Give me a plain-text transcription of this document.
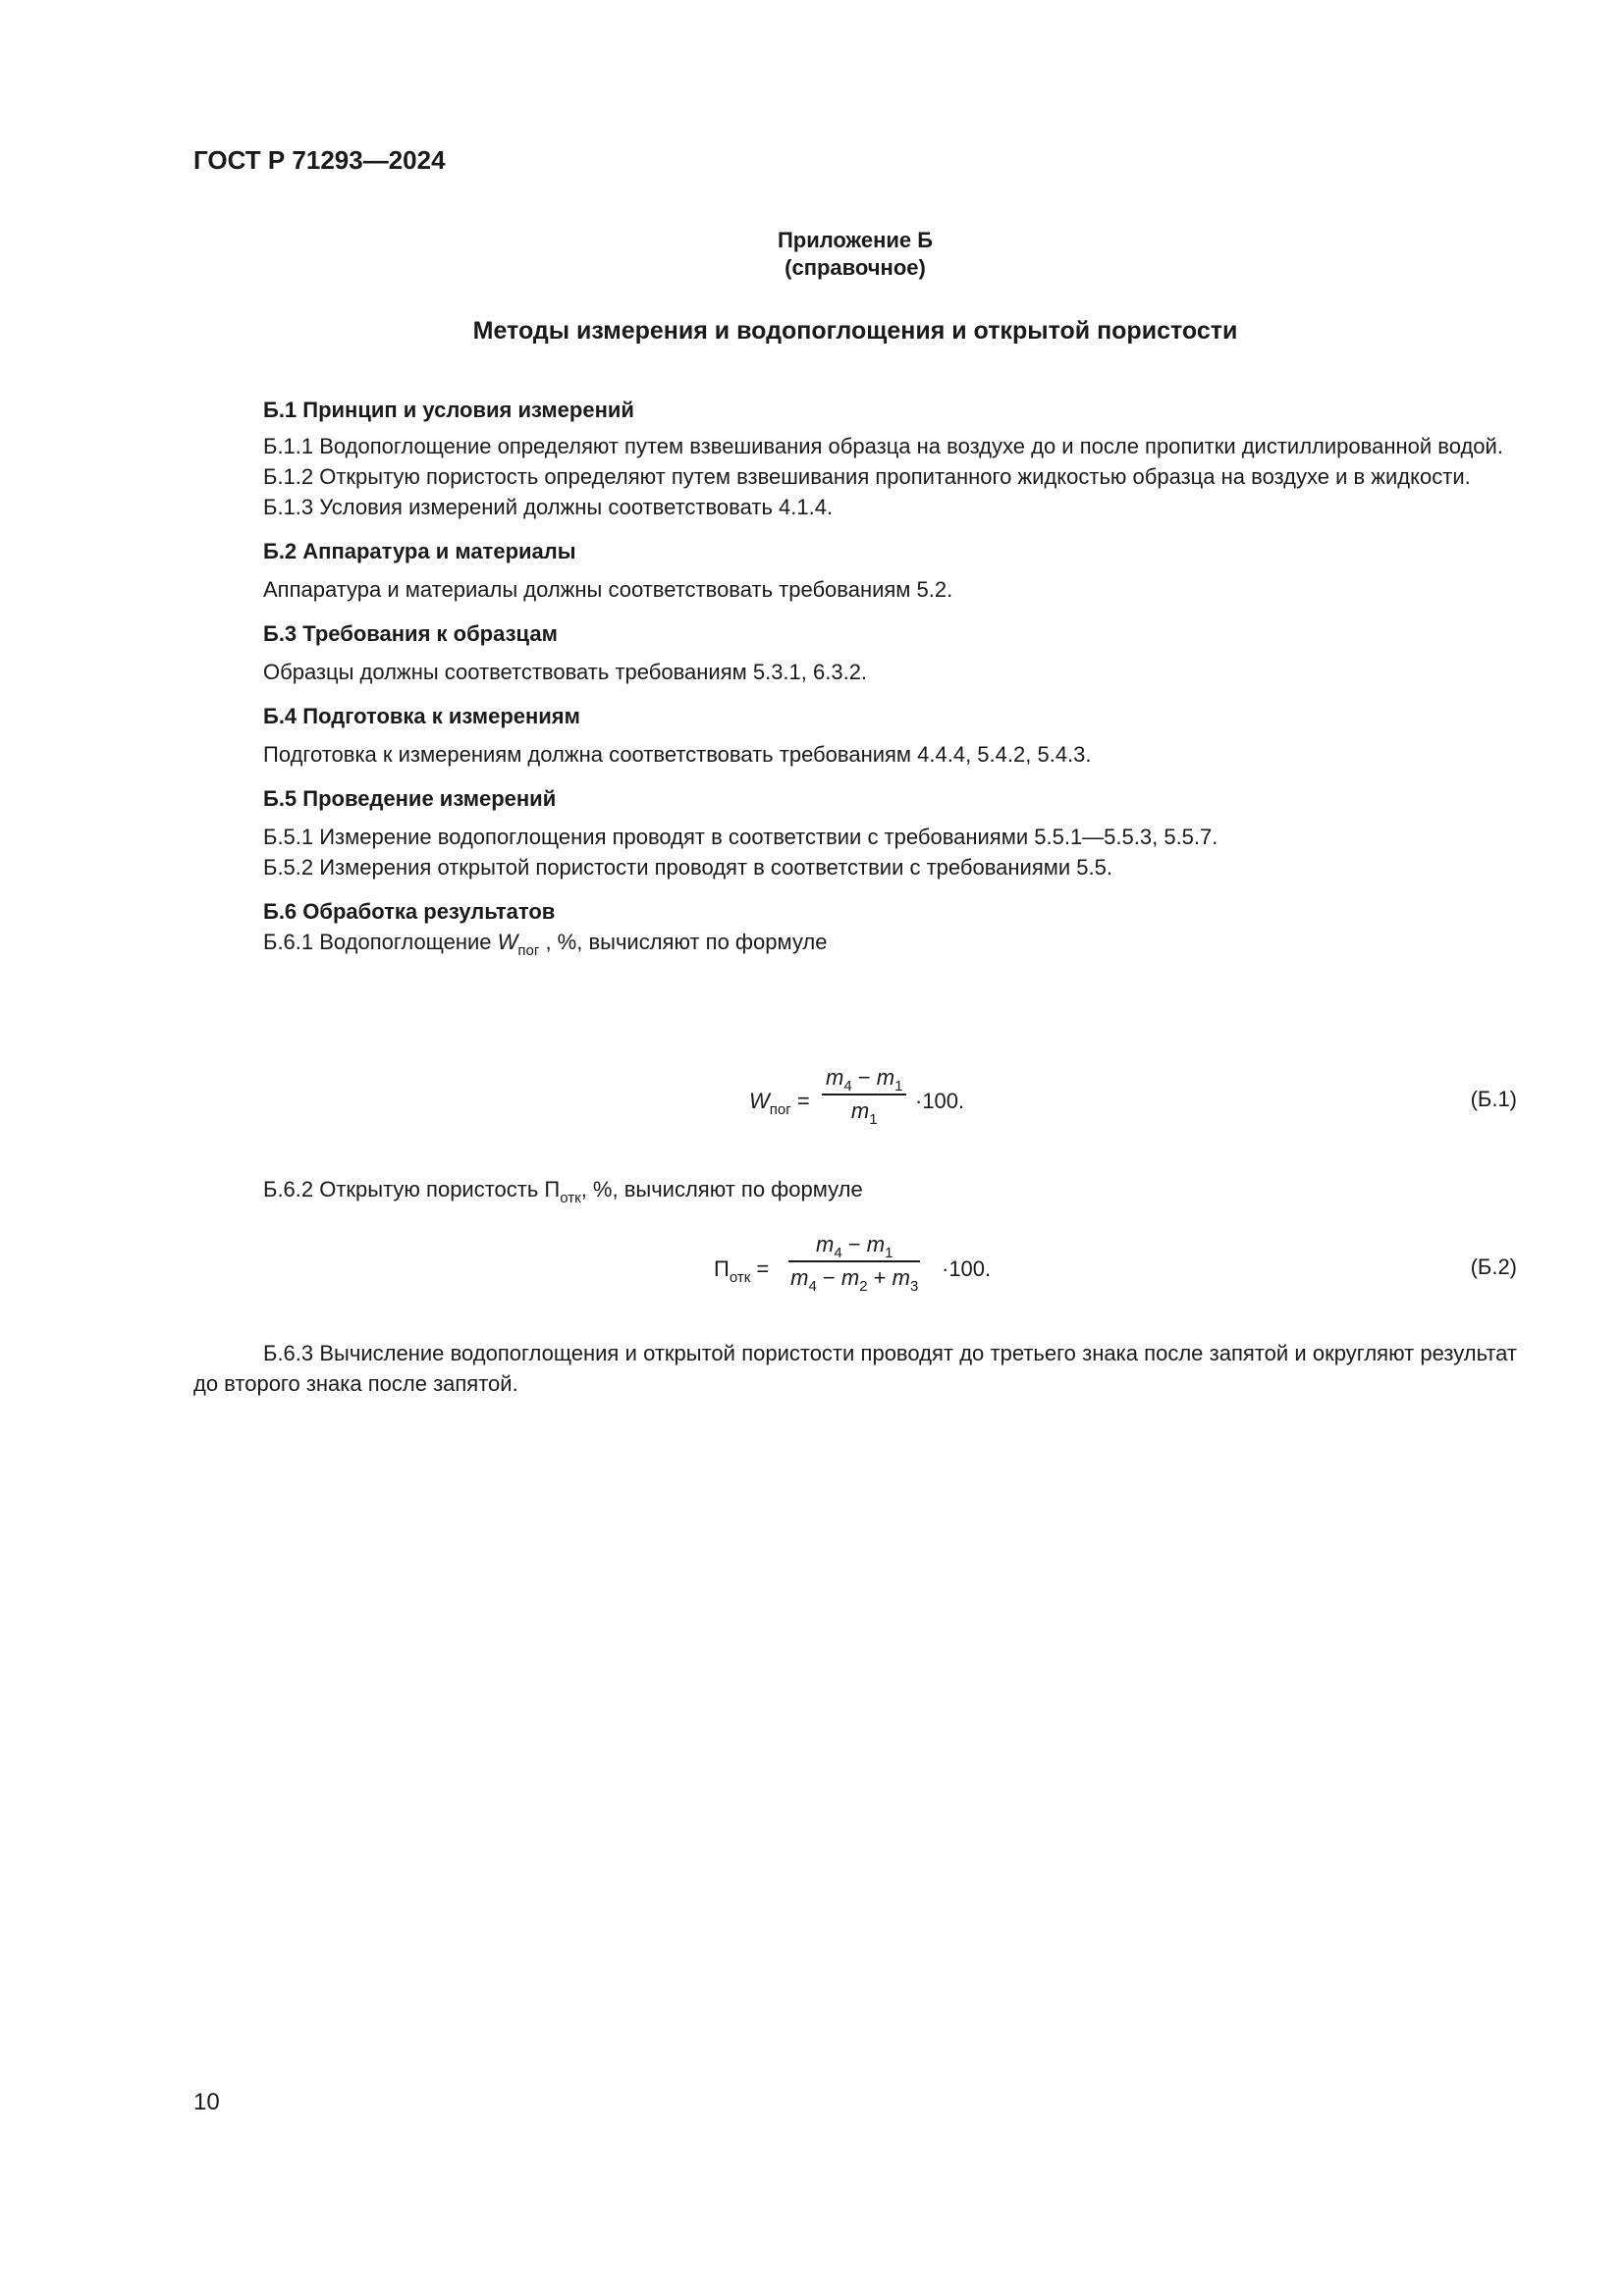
ГОСТ Р 71293—2024
Приложение Б
(справочное)
Методы измерения и водопоглощения и открытой пористости
Б.1 Принцип и условия измерений

Б.1.1 Водопоглощение определяют путем взвешивания образца на воздухе до и после пропитки дистиллированной водой.

Б.1.2 Открытую пористость определяют путем взвешивания пропитанного жидкостью образца на воздухе и в жидкости.

Б.1.3 Условия измерений должны соответствовать 4.1.4.

Б.2 Аппаратура и материалы

Аппаратура и материалы должны соответствовать требованиям 5.2.

Б.3 Требования к образцам

Образцы должны соответствовать требованиям 5.3.1, 6.3.2.

Б.4 Подготовка к измерениям

Подготовка к измерениям должна соответствовать требованиям 4.4.4, 5.4.2, 5.4.3.

Б.5 Проведение измерений

Б.5.1 Измерение водопоглощения проводят в соответствии с требованиями 5.5.1—5.5.3, 5.5.7.

Б.5.2 Измерения открытой пористости проводят в соответствии с требованиями 5.5.

Б.6 Обработка результатов

Б.6.1 Водопоглощение $W_{пог}$ , %, вычисляют по формуле

$W_{пог} = \frac{m_4 - m_1}{m_1} \cdot 100$.	(Б.1)

Б.6.2 Открытую пористость $П_{отк}$, %, вычисляют по формуле

$П_{отк} = \frac{m_4 - m_1}{m_4 - m_2 + m_3} \cdot 100$.	(Б.2)

Б.6.3 Вычисление водопоглощения и открытой пористости проводят до третьего знака после запятой и округляют результат до второго знака после запятой.

10
